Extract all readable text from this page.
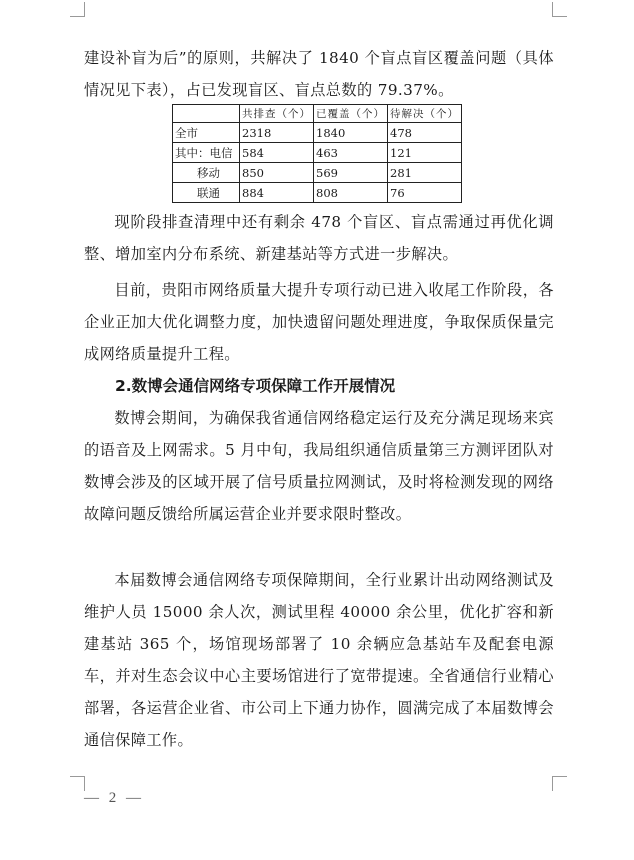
建设补盲为后”的原则，共解决了 1840 个盲点盲区覆盖问题（具体情况见下表），占已发现盲区、盲点总数的 79.37%。

	共排查（个）	已覆盖（个）	待解决（个）
全市	2318	1840	478
其中：电信	584	463	121
移动	850	569	281
联通	884	808	76

现阶段排查清理中还有剩余 478 个盲区、盲点需通过再优化调整、增加室内分布系统、新建基站等方式进一步解决。

目前，贵阳市网络质量大提升专项行动已进入收尾工作阶段，各企业正加大优化调整力度，加快遗留问题处理进度，争取保质保量完成网络质量提升工程。

2.数博会通信网络专项保障工作开展情况

数博会期间，为确保我省通信网络稳定运行及充分满足现场来宾的语音及上网需求。5 月中旬，我局组织通信质量第三方测评团队对数博会涉及的区域开展了信号质量拉网测试，及时将检测发现的网络故障问题反馈给所属运营企业并要求限时整改。

本届数博会通信网络专项保障期间，全行业累计出动网络测试及维护人员 15000 余人次，测试里程 40000 余公里，优化扩容和新建基站 365 个，场馆现场部署了 10 余辆应急基站车及配套电源车，并对生态会议中心主要场馆进行了宽带提速。全省通信行业精心部署，各运营企业省、市公司上下通力协作，圆满完成了本届数博会通信保障工作。

— 2 —
